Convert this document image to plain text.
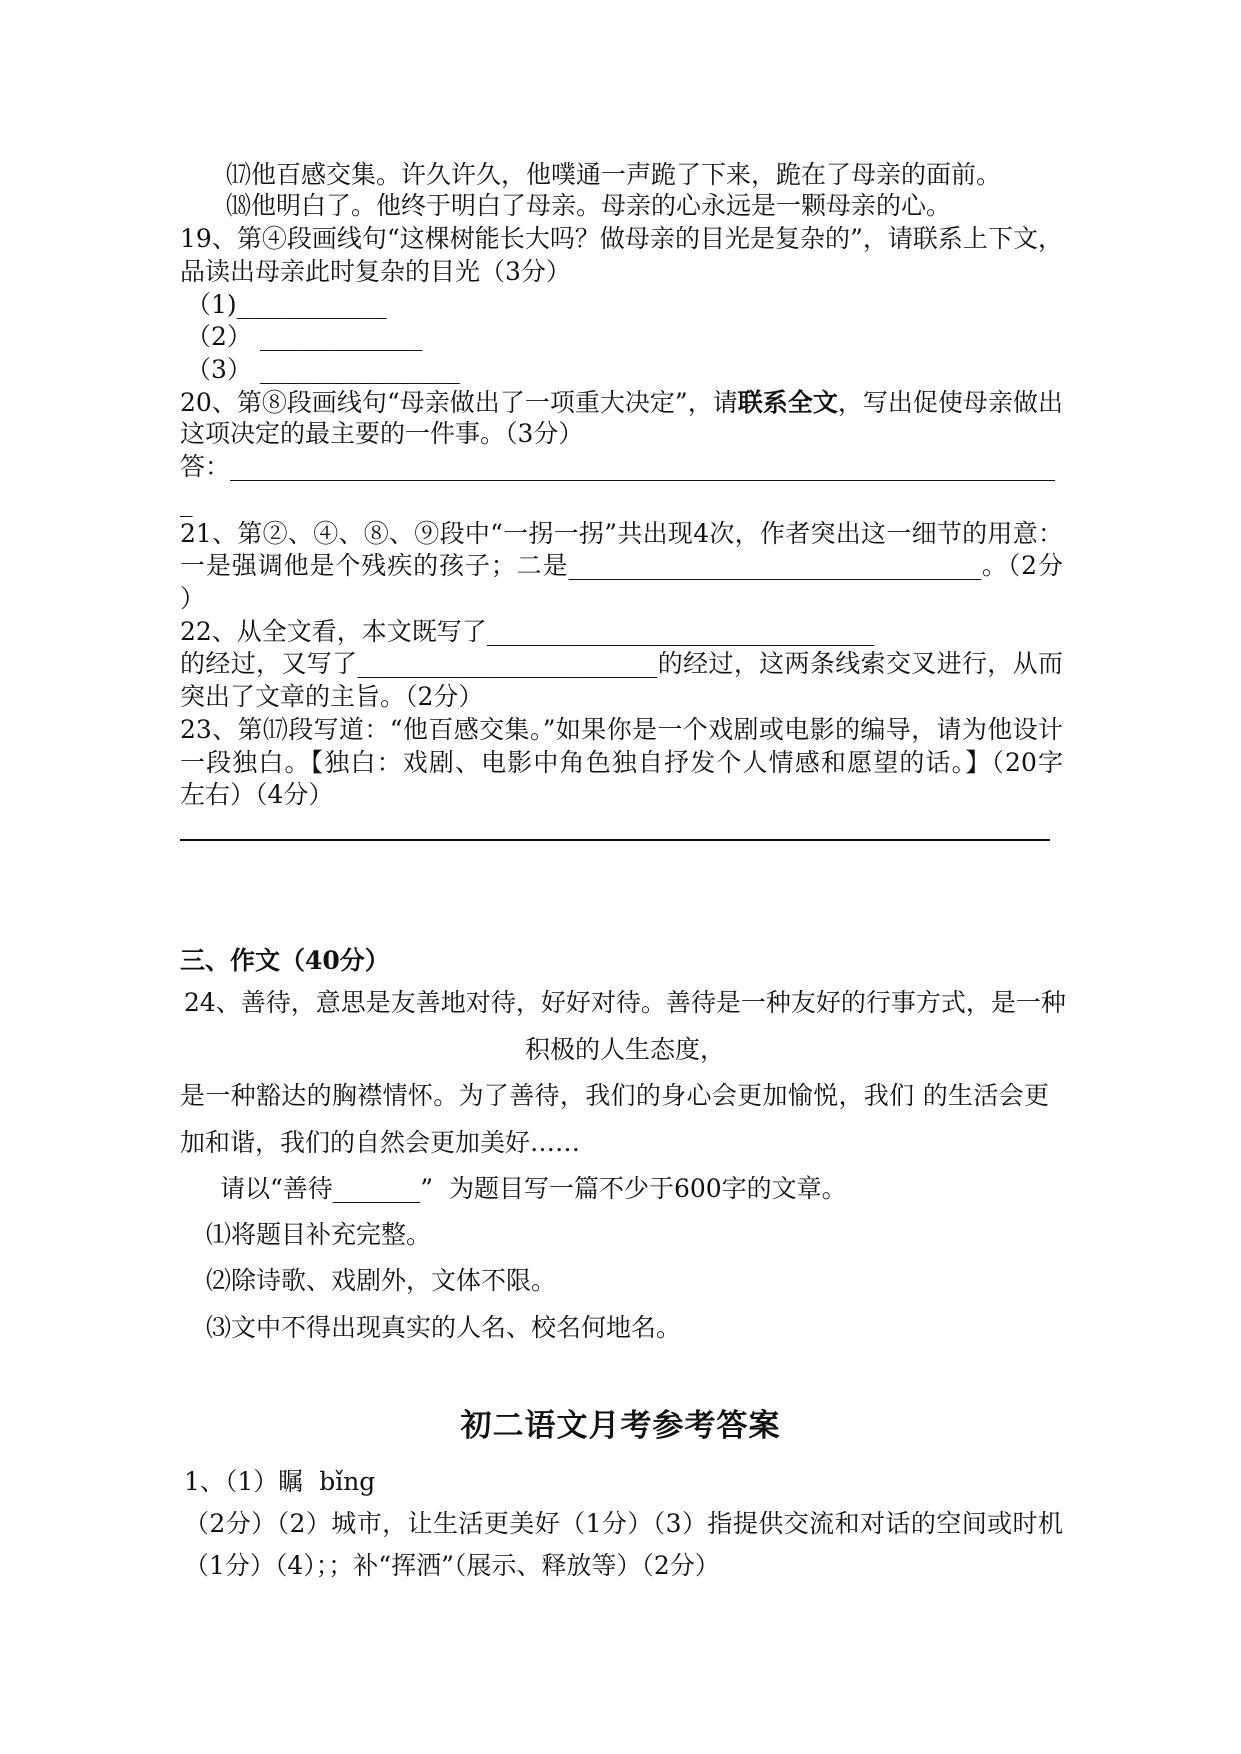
⒄他百感交集。许久许久，他噗通一声跪了下来，跪在了母亲的面前。
⒅他明白了。他终于明白了母亲。母亲的心永远是一颗母亲的心。
19、第④段画线句“这棵树能长大吗？做母亲的目光是复杂的”，请联系上下文，
品读出母亲此时复杂的目光（3分）
（1)____________
（2） _____________
（3） ________________
20、第⑧段画线句“母亲做出了一项重大决定”，请联系全文，写出促使母亲做出
这项决定的最主要的一件事。（3分）
答：__________________________________________________________________
_
21、第②、④、⑧、⑨段中“一拐一拐”共出现4次，作者突出这一细节的用意：
一是强调他是个残疾的孩子；二是_________________________________。（2分
）
22、从全文看，本文既写了_______________________________
的经过，又写了________________________的经过，这两条线索交叉进行，从而
突出了文章的主旨。（2分）
23、第⒄段写道：“他百感交集。”如果你是一个戏剧或电影的编导，请为他设计
一段独白。【独白：戏剧、电影中角色独自抒发个人情感和愿望的话。】（20字
左右）（4分）
三、作文（40分）
24、善待，意思是友善地对待，好好对待。善待是一种友好的行事方式，是一种
积极的人生态度，
是一种豁达的胸襟情怀。为了善待，我们的身心会更加愉悦，我们 的生活会更
加和谐，我们的自然会更加美好……
请以“善待_______”  为题目写一篇不少于600字的文章。
⑴将题目补充完整。
⑵除诗歌、戏剧外，文体不限。
⑶文中不得出现真实的人名、校名何地名。
初二语文月考参考答案
1、（1）瞩  bǐng
（2分）（2）城市，让生活更美好（1分）（3）指提供交流和对话的空间或时机
（1分）（4）；；补“挥洒”（展示、释放等）（2分）
